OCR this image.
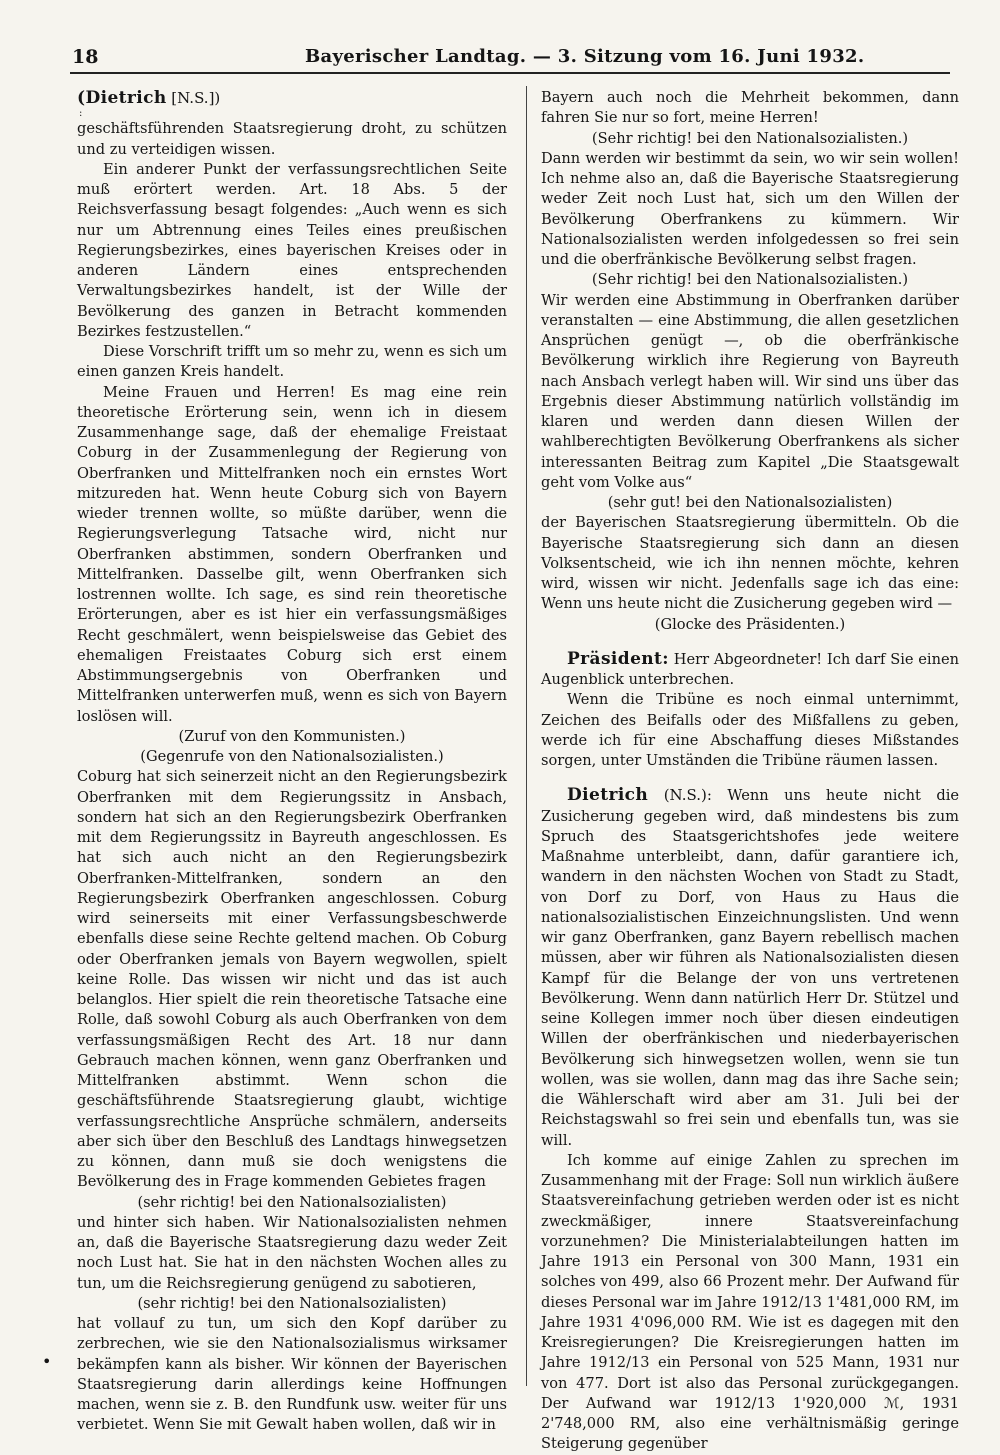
18	Bayerischer Landtag. — 3. Sitzung vom 16. Juni 1932.

(Dietrich [N.S.])

:

geschäftsführenden Staatsregierung droht, zu schützen und zu verteidigen wissen.

Ein anderer Punkt der verfassungsrechtlichen Seite muß erörtert werden. Art. 18 Abs. 5 der Reichsverfassung besagt folgendes: „Auch wenn es sich nur um Abtrennung eines Teiles eines preußischen Regierungsbezirkes, eines bayerischen Kreises oder in anderen Ländern eines entsprechenden Verwaltungsbezirkes handelt, ist der Wille der Bevölkerung des ganzen in Betracht kommenden Bezirkes festzustellen.“

Diese Vorschrift trifft um so mehr zu, wenn es sich um einen ganzen Kreis handelt.

Meine Frauen und Herren! Es mag eine rein theoretische Erörterung sein, wenn ich in diesem Zusammenhange sage, daß der ehemalige Freistaat Coburg in der Zusammenlegung der Regierung von Oberfranken und Mittelfranken noch ein ernstes Wort mitzureden hat. Wenn heute Coburg sich von Bayern wieder trennen wollte, so müßte darüber, wenn die Regierungsverlegung Tatsache wird, nicht nur Oberfranken abstimmen, sondern Oberfranken und Mittelfranken. Dasselbe gilt, wenn Oberfranken sich lostrennen wollte. Ich sage, es sind rein theoretische Erörterungen, aber es ist hier ein verfassungsmäßiges Recht geschmälert, wenn beispielsweise das Gebiet des ehemaligen Freistaates Coburg sich erst einem Abstimmungsergebnis von Oberfranken und Mittelfranken unterwerfen muß, wenn es sich von Bayern loslösen will.

(Zuruf von den Kommunisten.)

(Gegenrufe von den Nationalsozialisten.)

Coburg hat sich seinerzeit nicht an den Regierungsbezirk Oberfranken mit dem Regierungssitz in Ansbach, sondern hat sich an den Regierungsbezirk Oberfranken mit dem Regierungssitz in Bayreuth angeschlossen. Es hat sich auch nicht an den Regierungsbezirk Oberfranken-Mittelfranken, sondern an den Regierungsbezirk Oberfranken angeschlossen. Coburg wird seinerseits mit einer Verfassungsbeschwerde ebenfalls diese seine Rechte geltend machen. Ob Coburg oder Oberfranken jemals von Bayern wegwollen, spielt keine Rolle. Das wissen wir nicht und das ist auch belanglos. Hier spielt die rein theoretische Tatsache eine Rolle, daß sowohl Coburg als auch Oberfranken von dem verfassungsmäßigen Recht des Art. 18 nur dann Gebrauch machen können, wenn ganz Oberfranken und Mittelfranken abstimmt. Wenn schon die geschäftsführende Staatsregierung glaubt, wichtige verfassungsrechtliche Ansprüche schmälern, anderseits aber sich über den Beschluß des Landtags hinwegsetzen zu können, dann muß sie doch wenigstens die Bevölkerung des in Frage kommenden Gebietes fragen

(sehr richtig! bei den Nationalsozialisten)

und hinter sich haben. Wir Nationalsozialisten nehmen an, daß die Bayerische Staatsregierung dazu weder Zeit noch Lust hat. Sie hat in den nächsten Wochen alles zu tun, um die Reichsregierung genügend zu sabotieren,

(sehr richtig! bei den Nationalsozialisten)

hat vollauf zu tun, um sich den Kopf darüber zu zerbrechen, wie sie den Nationalsozialismus wirksamer bekämpfen kann als bisher. Wir können der Bayerischen Staatsregierung darin allerdings keine Hoffnungen machen, wenn sie z. B. den Rundfunk usw. weiter für uns verbietet. Wenn Sie mit Gewalt haben wollen, daß wir in

Bayern auch noch die Mehrheit bekommen, dann fahren Sie nur so fort, meine Herren!

(Sehr richtig! bei den Nationalsozialisten.)

Dann werden wir bestimmt da sein, wo wir sein wollen! Ich nehme also an, daß die Bayerische Staatsregierung weder Zeit noch Lust hat, sich um den Willen der Bevölkerung Oberfrankens zu kümmern. Wir Nationalsozialisten werden infolgedessen so frei sein und die oberfränkische Bevölkerung selbst fragen.

(Sehr richtig! bei den Nationalsozialisten.)

Wir werden eine Abstimmung in Oberfranken darüber veranstalten — eine Abstimmung, die allen gesetzlichen Ansprüchen genügt —, ob die oberfränkische Bevölkerung wirklich ihre Regierung von Bayreuth nach Ansbach verlegt haben will. Wir sind uns über das Ergebnis dieser Abstimmung natürlich vollständig im klaren und werden dann diesen Willen der wahlberechtigten Bevölkerung Oberfrankens als sicher interessanten Beitrag zum Kapitel „Die Staatsgewalt geht vom Volke aus“

(sehr gut! bei den Nationalsozialisten)

der Bayerischen Staatsregierung übermitteln. Ob die Bayerische Staatsregierung sich dann an diesen Volksentscheid, wie ich ihn nennen möchte, kehren wird, wissen wir nicht. Jedenfalls sage ich das eine: Wenn uns heute nicht die Zusicherung gegeben wird —

(Glocke des Präsidenten.)

Präsident: Herr Abgeordneter! Ich darf Sie einen Augenblick unterbrechen.

Wenn die Tribüne es noch einmal unternimmt, Zeichen des Beifalls oder des Mißfallens zu geben, werde ich für eine Abschaffung dieses Mißstandes sorgen, unter Umständen die Tribüne räumen lassen.

Dietrich (N.S.): Wenn uns heute nicht die Zusicherung gegeben wird, daß mindestens bis zum Spruch des Staatsgerichtshofes jede weitere Maßnahme unterbleibt, dann, dafür garantiere ich, wandern in den nächsten Wochen von Stadt zu Stadt, von Dorf zu Dorf, von Haus zu Haus die nationalsozialistischen Einzeichnungslisten. Und wenn wir ganz Oberfranken, ganz Bayern rebellisch machen müssen, aber wir führen als Nationalsozialisten diesen Kampf für die Belange der von uns vertretenen Bevölkerung. Wenn dann natürlich Herr Dr. Stützel und seine Kollegen immer noch über diesen eindeutigen Willen der oberfränkischen und niederbayerischen Bevölkerung sich hinwegsetzen wollen, wenn sie tun wollen, was sie wollen, dann mag das ihre Sache sein; die Wählerschaft wird aber am 31. Juli bei der Reichstagswahl so frei sein und ebenfalls tun, was sie will.

Ich komme auf einige Zahlen zu sprechen im Zusammenhang mit der Frage: Soll nun wirklich äußere Staatsvereinfachung getrieben werden oder ist es nicht zweckmäßiger, innere Staatsvereinfachung vorzunehmen? Die Ministerialabteilungen hatten im Jahre 1913 ein Personal von 300 Mann, 1931 ein solches von 499, also 66 Prozent mehr. Der Aufwand für dieses Personal war im Jahre 1912/13 1'481,000 RM, im Jahre 1931 4'096,000 RM. Wie ist es dagegen mit den Kreisregierungen? Die Kreisregierungen hatten im Jahre 1912/13 ein Personal von 525 Mann, 1931 nur von 477. Dort ist also das Personal zurückgegangen. Der Aufwand war 1912/13 1'920,000 ℳ, 1931 2'748,000 RM, also eine verhältnismäßig geringe Steigerung gegenüber

•
